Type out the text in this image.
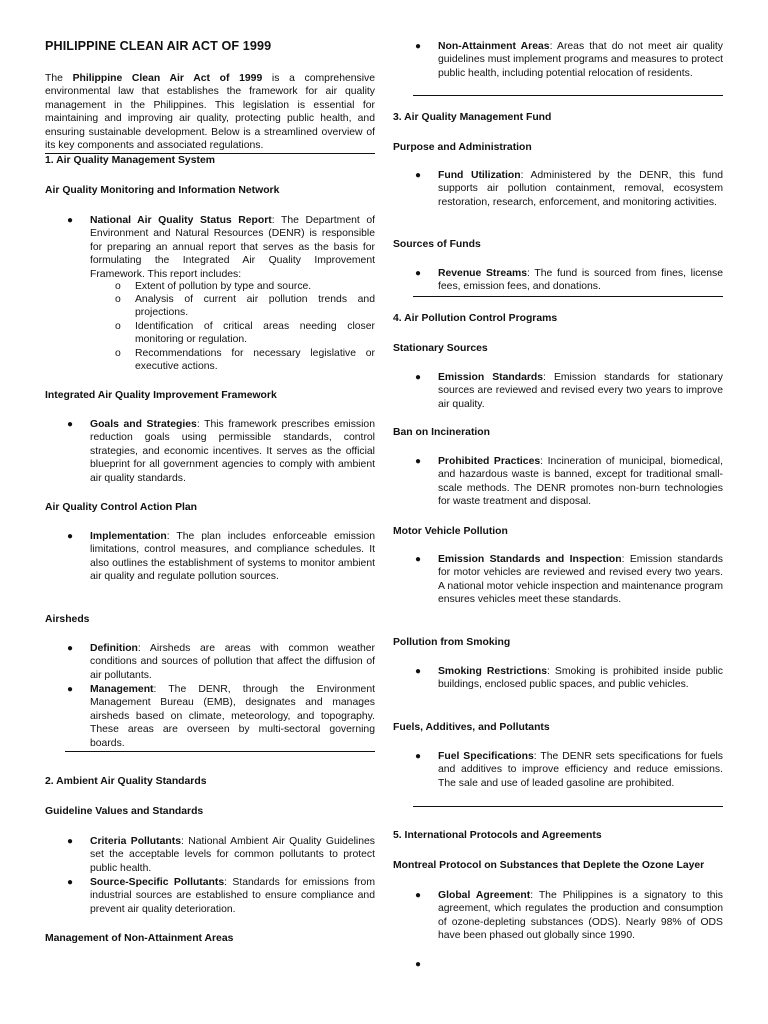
PHILIPPINE CLEAN AIR ACT OF 1999
The Philippine Clean Air Act of 1999 is a comprehensive environmental law that establishes the framework for air quality management in the Philippines. This legislation is essential for maintaining and improving air quality, protecting public health, and ensuring sustainable development. Below is a streamlined overview of its key components and associated regulations.
1. Air Quality Management System
Air Quality Monitoring and Information Network
● National Air Quality Status Report: The Department of Environment and Natural Resources (DENR) is responsible for preparing an annual report that serves as the basis for formulating the Integrated Air Quality Improvement Framework. This report includes:
o Extent of pollution by type and source.
o Analysis of current air pollution trends and projections.
o Identification of critical areas needing closer monitoring or regulation.
o Recommendations for necessary legislative or executive actions.
Integrated Air Quality Improvement Framework
● Goals and Strategies: This framework prescribes emission reduction goals using permissible standards, control strategies, and economic incentives. It serves as the official blueprint for all government agencies to comply with ambient air quality standards.
Air Quality Control Action Plan
● Implementation: The plan includes enforceable emission limitations, control measures, and compliance schedules. It also outlines the establishment of systems to monitor ambient air quality and regulate pollution sources.
Airsheds
● Definition: Airsheds are areas with common weather conditions and sources of pollution that affect the diffusion of air pollutants.
● Management: The DENR, through the Environment Management Bureau (EMB), designates and manages airsheds based on climate, meteorology, and topography. These areas are overseen by multi-sectoral governing boards.
2. Ambient Air Quality Standards
Guideline Values and Standards
● Criteria Pollutants: National Ambient Air Quality Guidelines set the acceptable levels for common pollutants to protect public health.
● Source-Specific Pollutants: Standards for emissions from industrial sources are established to ensure compliance and prevent air quality deterioration.
Management of Non-Attainment Areas
● Non-Attainment Areas: Areas that do not meet air quality guidelines must implement programs and measures to protect public health, including potential relocation of residents.
3. Air Quality Management Fund
Purpose and Administration
● Fund Utilization: Administered by the DENR, this fund supports air pollution containment, removal, ecosystem restoration, research, enforcement, and monitoring activities.
Sources of Funds
● Revenue Streams: The fund is sourced from fines, license fees, emission fees, and donations.
4. Air Pollution Control Programs
Stationary Sources
● Emission Standards: Emission standards for stationary sources are reviewed and revised every two years to improve air quality.
Ban on Incineration
● Prohibited Practices: Incineration of municipal, biomedical, and hazardous waste is banned, except for traditional small-scale methods. The DENR promotes non-burn technologies for waste treatment and disposal.
Motor Vehicle Pollution
● Emission Standards and Inspection: Emission standards for motor vehicles are reviewed and revised every two years. A national motor vehicle inspection and maintenance program ensures vehicles meet these standards.
Pollution from Smoking
● Smoking Restrictions: Smoking is prohibited inside public buildings, enclosed public spaces, and public vehicles.
Fuels, Additives, and Pollutants
● Fuel Specifications: The DENR sets specifications for fuels and additives to improve efficiency and reduce emissions. The sale and use of leaded gasoline are prohibited.
5. International Protocols and Agreements
Montreal Protocol on Substances that Deplete the Ozone Layer
● Global Agreement: The Philippines is a signatory to this agreement, which regulates the production and consumption of ozone-depleting substances (ODS). Nearly 98% of ODS have been phased out globally since 1990.
●
